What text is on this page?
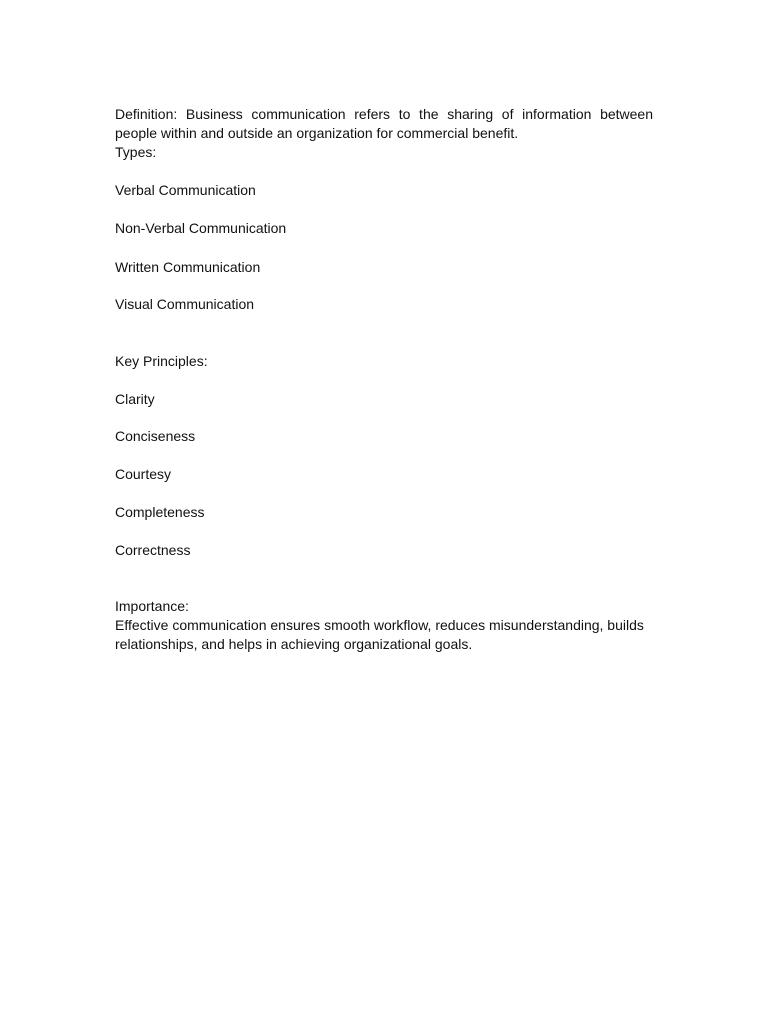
Definition: Business communication refers to the sharing of information between people within and outside an organization for commercial benefit.

Types:

Verbal Communication
Non-Verbal Communication
Written Communication
Visual Communication

Key Principles:

Clarity
Conciseness
Courtesy
Completeness
Correctness

Importance:

Effective communication ensures smooth workflow, reduces misunderstanding, builds relationships, and helps in achieving organizational goals.
